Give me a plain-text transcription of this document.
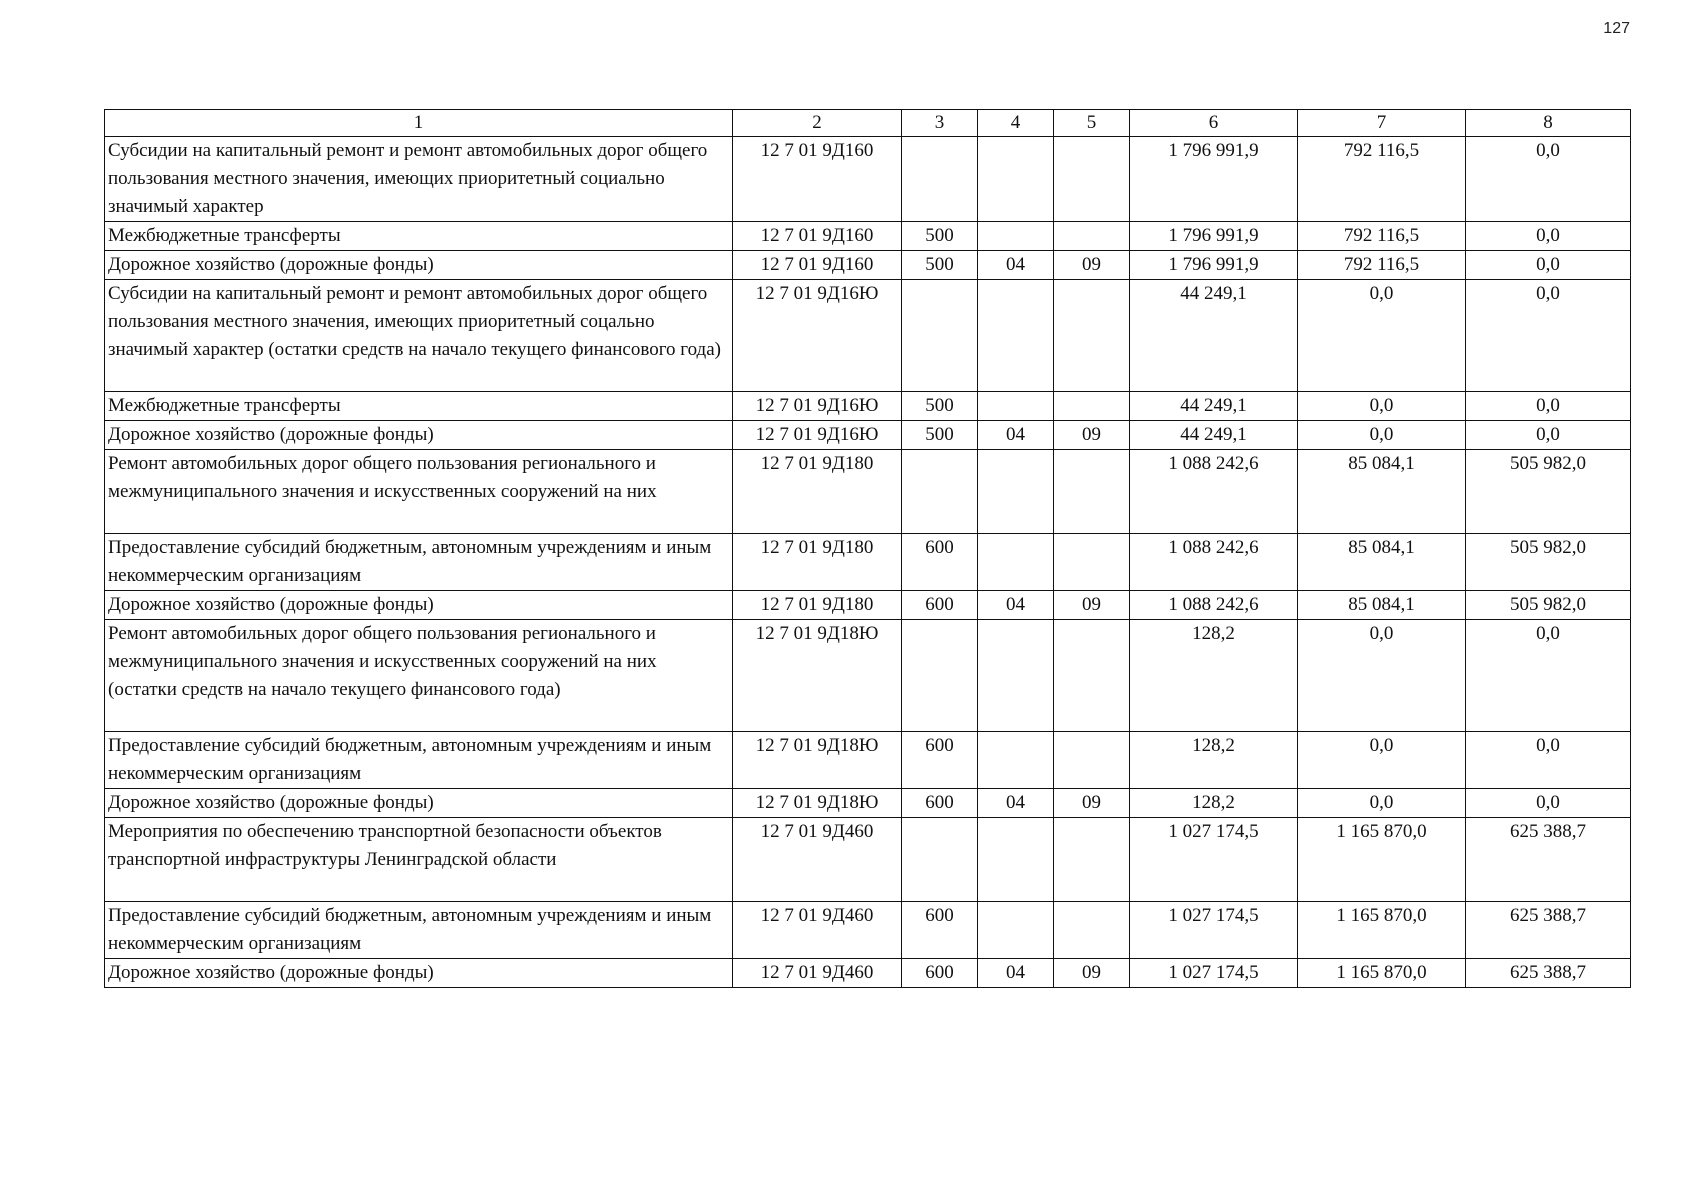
127
1	2	3	4	5	6	7	8
Субсидии на капитальный ремонт и ремонт автомобильных дорог общего пользования местного значения, имеющих приоритетный социально значимый характер	12 7 01 9Д160				1 796 991,9	792 116,5	0,0
Межбюджетные трансферты	12 7 01 9Д160	500			1 796 991,9	792 116,5	0,0
Дорожное хозяйство (дорожные фонды)	12 7 01 9Д160	500	04	09	1 796 991,9	792 116,5	0,0
Субсидии на капитальный ремонт и ремонт автомобильных дорог общего пользования местного значения, имеющих приоритетный соцально значимый характер (остатки средств на начало текущего финансового года)	12 7 01 9Д16Ю				44 249,1	0,0	0,0
Межбюджетные трансферты	12 7 01 9Д16Ю	500			44 249,1	0,0	0,0
Дорожное хозяйство (дорожные фонды)	12 7 01 9Д16Ю	500	04	09	44 249,1	0,0	0,0
Ремонт автомобильных дорог общего пользования регионального и межмуниципального значения и искусственных сооружений на них	12 7 01 9Д180				1 088 242,6	85 084,1	505 982,0
Предоставление субсидий бюджетным, автономным учреждениям и иным некоммерческим организациям	12 7 01 9Д180	600			1 088 242,6	85 084,1	505 982,0
Дорожное хозяйство (дорожные фонды)	12 7 01 9Д180	600	04	09	1 088 242,6	85 084,1	505 982,0
Ремонт автомобильных дорог общего пользования регионального и межмуниципального значения и искусственных сооружений на них (остатки средств на начало текущего финансового года)	12 7 01 9Д18Ю				128,2	0,0	0,0
Предоставление субсидий бюджетным, автономным учреждениям и иным некоммерческим организациям	12 7 01 9Д18Ю	600			128,2	0,0	0,0
Дорожное хозяйство (дорожные фонды)	12 7 01 9Д18Ю	600	04	09	128,2	0,0	0,0
Мероприятия по обеспечению транспортной безопасности объектов транспортной инфраструктуры Ленинградской области	12 7 01 9Д460				1 027 174,5	1 165 870,0	625 388,7
Предоставление субсидий бюджетным, автономным учреждениям и иным некоммерческим организациям	12 7 01 9Д460	600			1 027 174,5	1 165 870,0	625 388,7
Дорожное хозяйство (дорожные фонды)	12 7 01 9Д460	600	04	09	1 027 174,5	1 165 870,0	625 388,7
